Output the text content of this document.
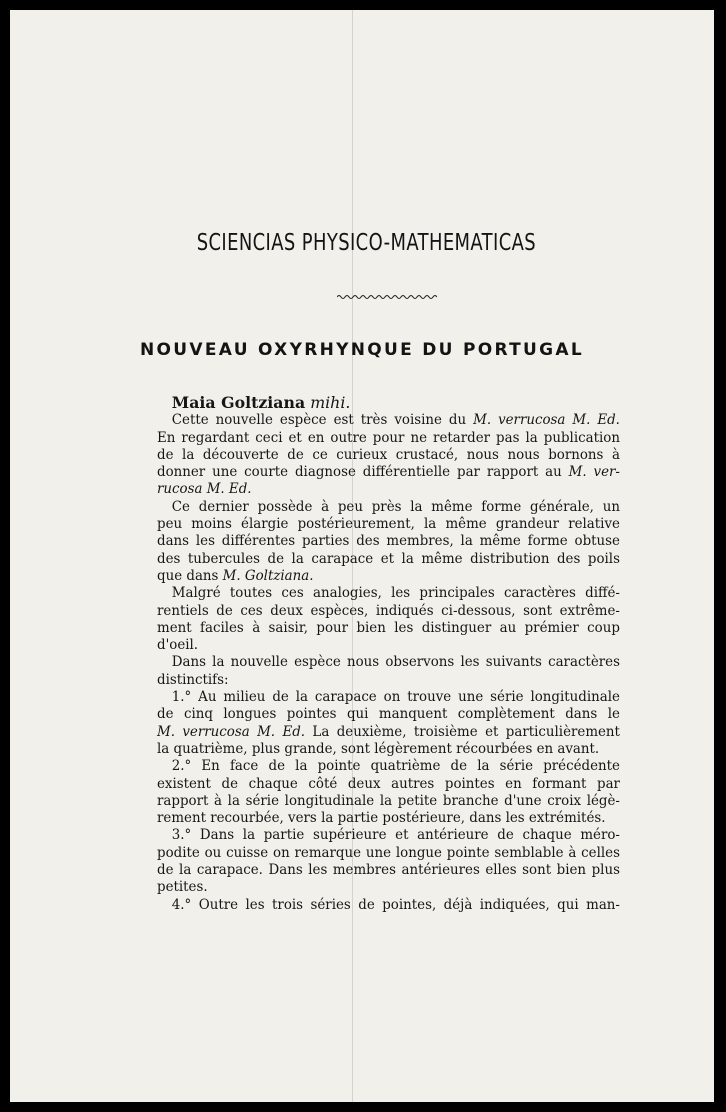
SCIENCIAS PHYSICO-MATHEMATICAS
NOUVEAU OXYRHYNQUE DU PORTUGAL
Maia Goltziana mihi.
Cette nouvelle espèce est très voisine du M. verrucosa M. Ed.
En regardant ceci et en outre pour ne retarder pas la publication
de la découverte de ce curieux crustacé, nous nous bornons à
donner une courte diagnose différentielle par rapport au M. ver-
rucosa M. Ed.
Ce dernier possède à peu près la même forme générale, un
peu moins élargie postérieurement, la même grandeur relative
dans les différentes parties des membres, la même forme obtuse
des tubercules de la carapace et la même distribution des poils
que dans M. Goltziana.
Malgré toutes ces analogies, les principales caractères diffé-
rentiels de ces deux espèces, indiqués ci-dessous, sont extrême-
ment faciles à saisir, pour bien les distinguer au prémier coup
d'oeil.
Dans la nouvelle espèce nous observons les suivants caractères
distinctifs:
1.° Au milieu de la carapace on trouve une série longitudinale
de cinq longues pointes qui manquent complètement dans le
M. verrucosa M. Ed. La deuxième, troisième et particulièrement
la quatrième, plus grande, sont légèrement récourbées en avant.
2.° En face de la pointe quatrième de la série précédente
existent de chaque côté deux autres pointes en formant par
rapport à la série longitudinale la petite branche d'une croix légè-
rement recourbée, vers la partie postérieure, dans les extrémités.
3.° Dans la partie supérieure et antérieure de chaque méro-
podite ou cuisse on remarque une longue pointe semblable à celles
de la carapace. Dans les membres antérieures elles sont bien plus
petites.
4.° Outre les trois séries de pointes, déjà indiquées, qui man-
